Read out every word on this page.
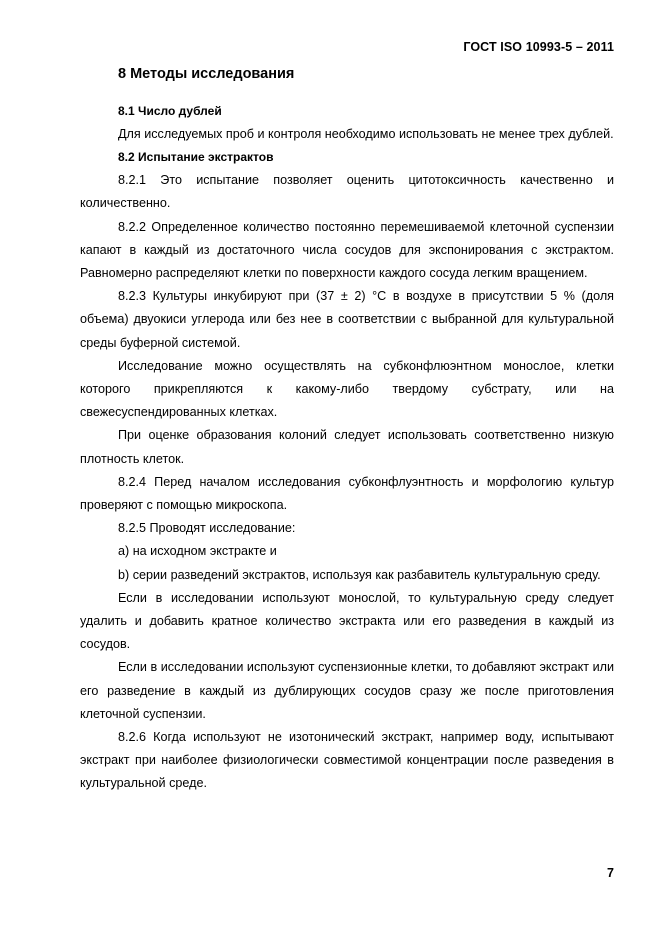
ГОСТ ISO 10993-5 – 2011
8 Методы исследования
8.1 Число дублей

Для исследуемых проб и контроля необходимо использовать не менее трех дублей.

8.2 Испытание экстрактов

8.2.1 Это испытание позволяет оценить цитотоксичность качественно и количественно.

8.2.2 Определенное количество постоянно перемешиваемой клеточной суспензии капают в каждый из достаточного числа сосудов для экспонирования с экстрактом. Равномерно распределяют клетки по поверхности каждого сосуда легким вращением.

8.2.3 Культуры инкубируют при (37 ± 2) °С в воздухе в присутствии 5 % (доля объема) двуокиси углерода или без нее в соответствии с выбранной для культуральной среды буферной системой.

Исследование можно осуществлять на субконфлюэнтном монослое, клетки которого прикрепляются к какому-либо твердому субстрату, или на свежесуспендированных клетках.

При оценке образования колоний следует использовать соответственно низкую плотность клеток.

8.2.4 Перед началом исследования субконфлуэнтность и морфологию культур проверяют с помощью микроскопа.

8.2.5 Проводят исследование:

a) на исходном экстракте и

b) серии разведений экстрактов, используя как разбавитель культуральную среду.

Если в исследовании используют монослой, то культуральную среду следует удалить и добавить кратное количество экстракта или его разведения в каждый из сосудов.

Если в исследовании используют суспензионные клетки, то добавляют экстракт или его разведение в каждый из дублирующих сосудов сразу же после приготовления клеточной суспензии.

8.2.6 Когда используют не изотонический экстракт, например воду, испытывают экстракт при наиболее физиологически совместимой концентрации после разведения в культуральной среде.

7
